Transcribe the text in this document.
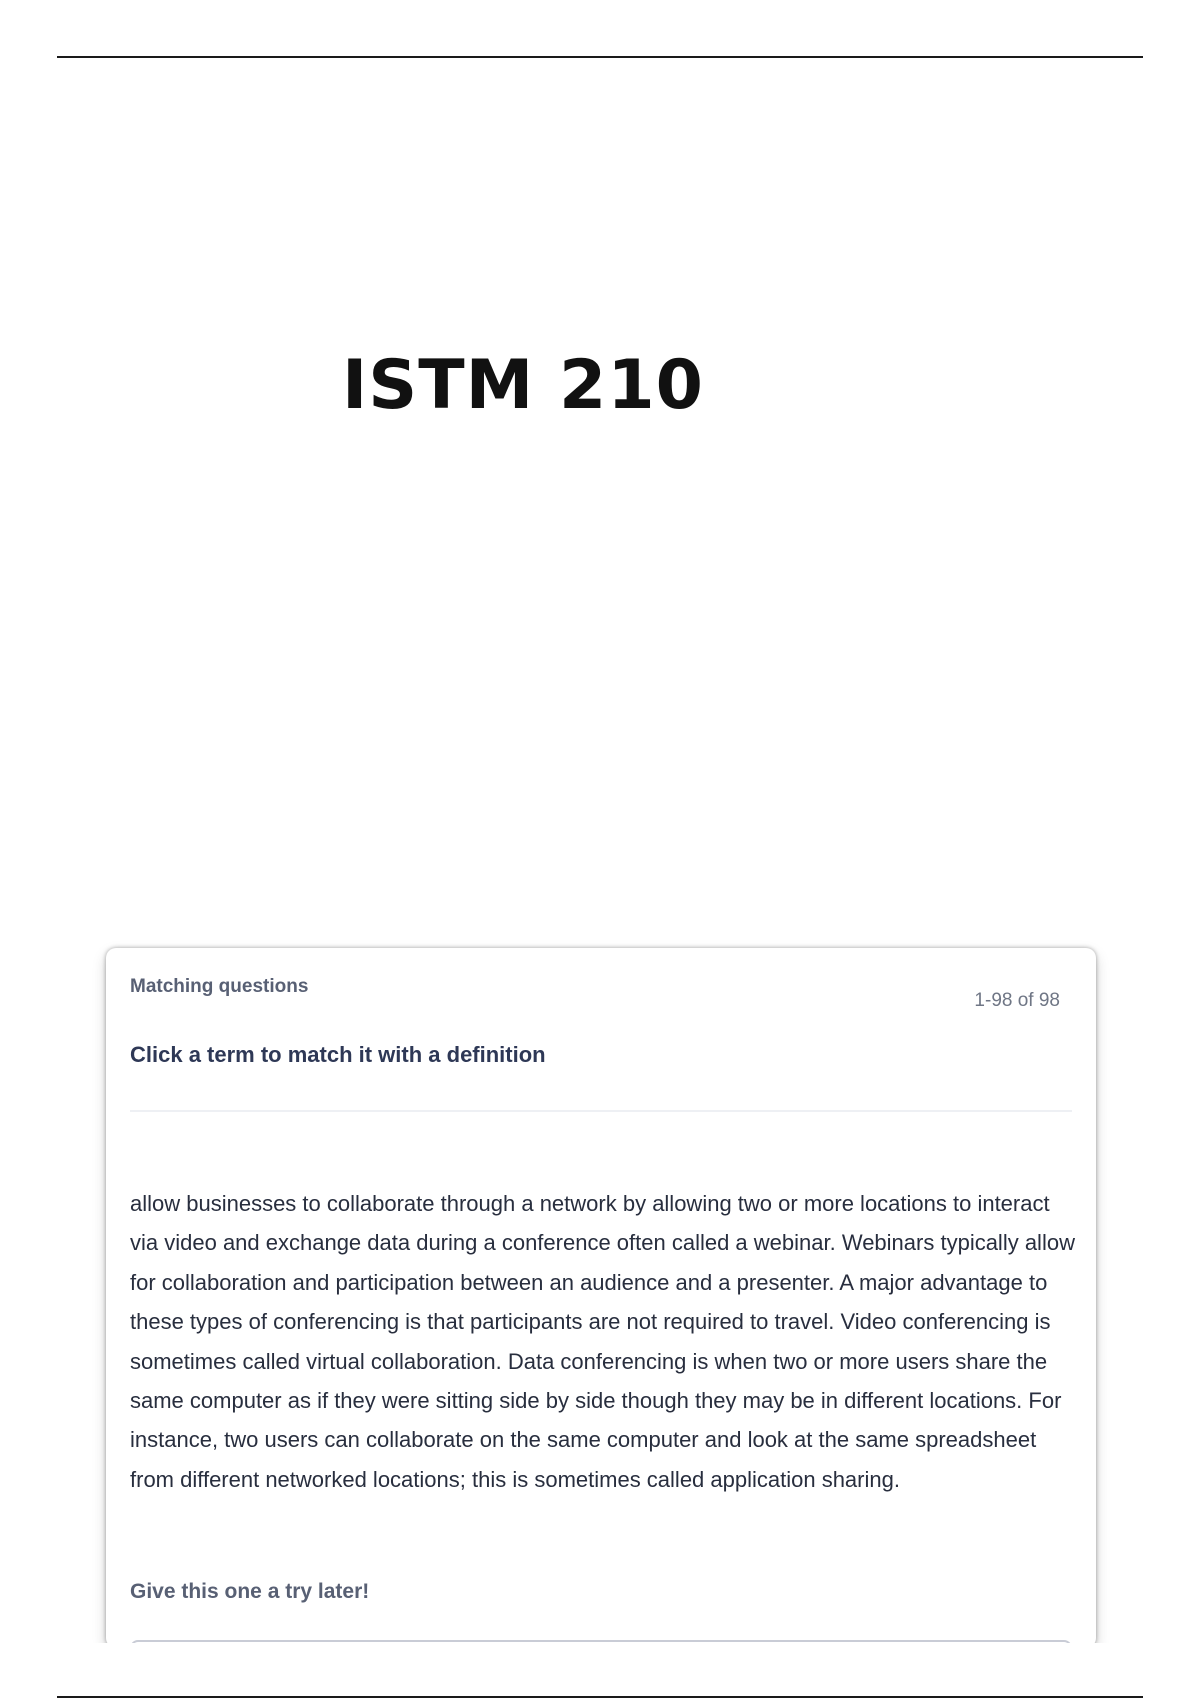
ISTM 210
Matching questions
1-98 of 98
Click a term to match it with a definition

allow businesses to collaborate through a network by allowing two or more locations to interact via video and exchange data during a conference often called a webinar. Webinars typically allow for collaboration and participation between an audience and a presenter. A major advantage to these types of conferencing is that participants are not required to travel. Video conferencing is sometimes called virtual collaboration. Data conferencing is when two or more users share the same computer as if they were sitting side by side though they may be in different locations. For instance, two users can collaborate on the same computer and look at the same spreadsheet from different networked locations; this is sometimes called application sharing.

Give this one a try later!
